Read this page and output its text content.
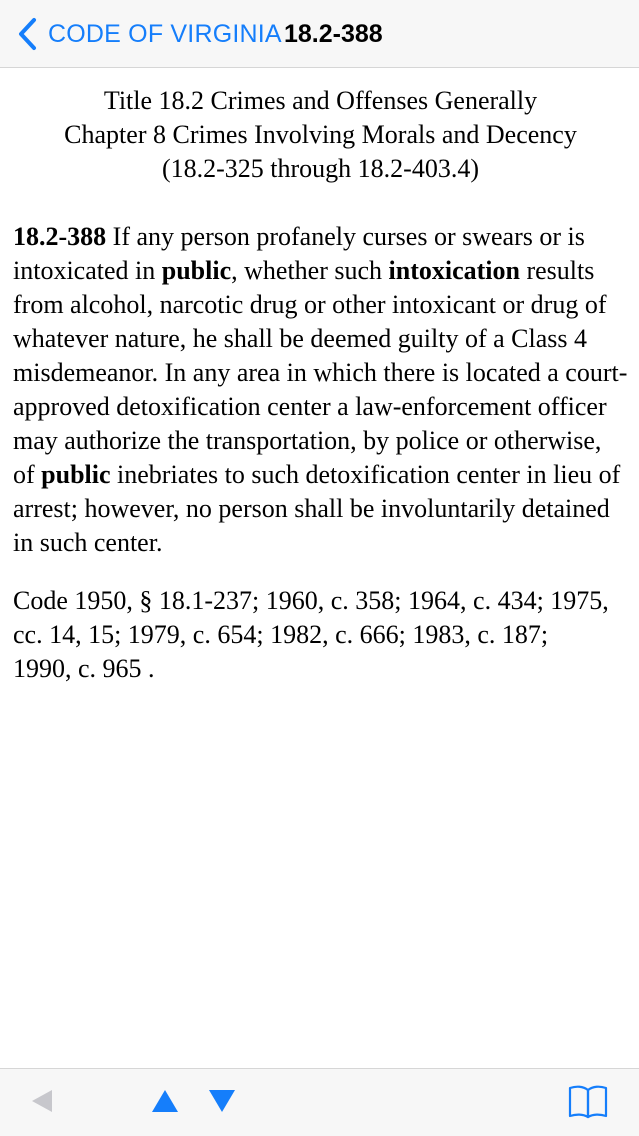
CODE OF VIRGINIA 18.2-388
Title 18.2 Crimes and Offenses Generally
Chapter 8 Crimes Involving Morals and Decency
(18.2-325 through 18.2-403.4)
18.2-388 If any person profanely curses or swears or is intoxicated in public, whether such intoxication results from alcohol, narcotic drug or other intoxicant or drug of whatever nature, he shall be deemed guilty of a Class 4 misdemeanor. In any area in which there is located a court-approved detoxification center a law-enforcement officer may authorize the transportation, by police or otherwise, of public inebriates to such detoxification center in lieu of arrest; however, no person shall be involuntarily detained in such center.
Code 1950, § 18.1-237; 1960, c. 358; 1964, c. 434; 1975, cc. 14, 15; 1979, c. 654; 1982, c. 666; 1983, c. 187; 1990, c. 965 .
